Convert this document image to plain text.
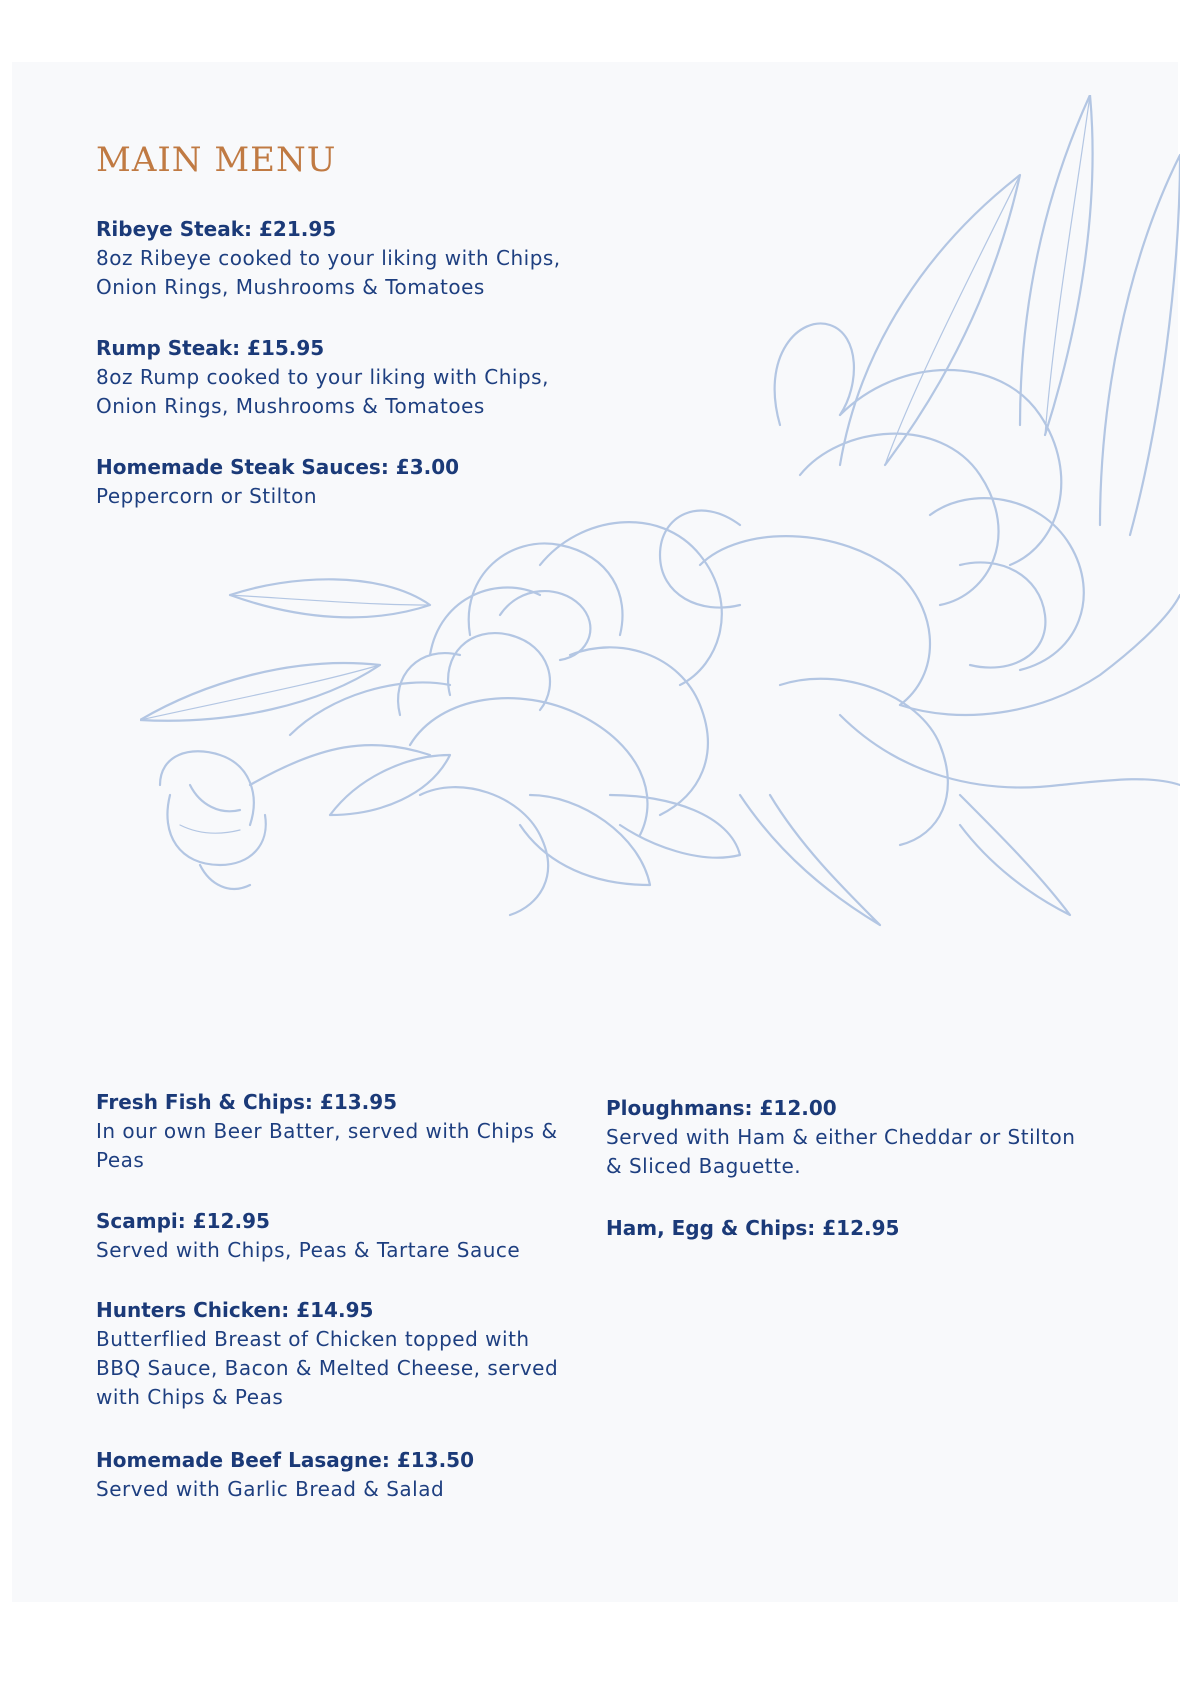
MAIN MENU
Ribeye Steak: £21.95
8oz Ribeye cooked to your liking with Chips, Onion Rings, Mushrooms & Tomatoes
Rump Steak: £15.95
8oz Rump cooked to your liking with Chips, Onion Rings, Mushrooms & Tomatoes
Homemade Steak Sauces: £3.00
Peppercorn or Stilton
Fresh Fish & Chips: £13.95
In our own Beer Batter, served with Chips & Peas
Scampi: £12.95
Served with Chips, Peas & Tartare Sauce
Hunters Chicken: £14.95
Butterflied Breast of Chicken topped with BBQ Sauce, Bacon & Melted Cheese, served with Chips & Peas
Homemade Beef Lasagne: £13.50
Served with Garlic Bread & Salad
Ploughmans: £12.00
Served with Ham & either Cheddar or Stilton & Sliced Baguette.
Ham, Egg & Chips: £12.95
